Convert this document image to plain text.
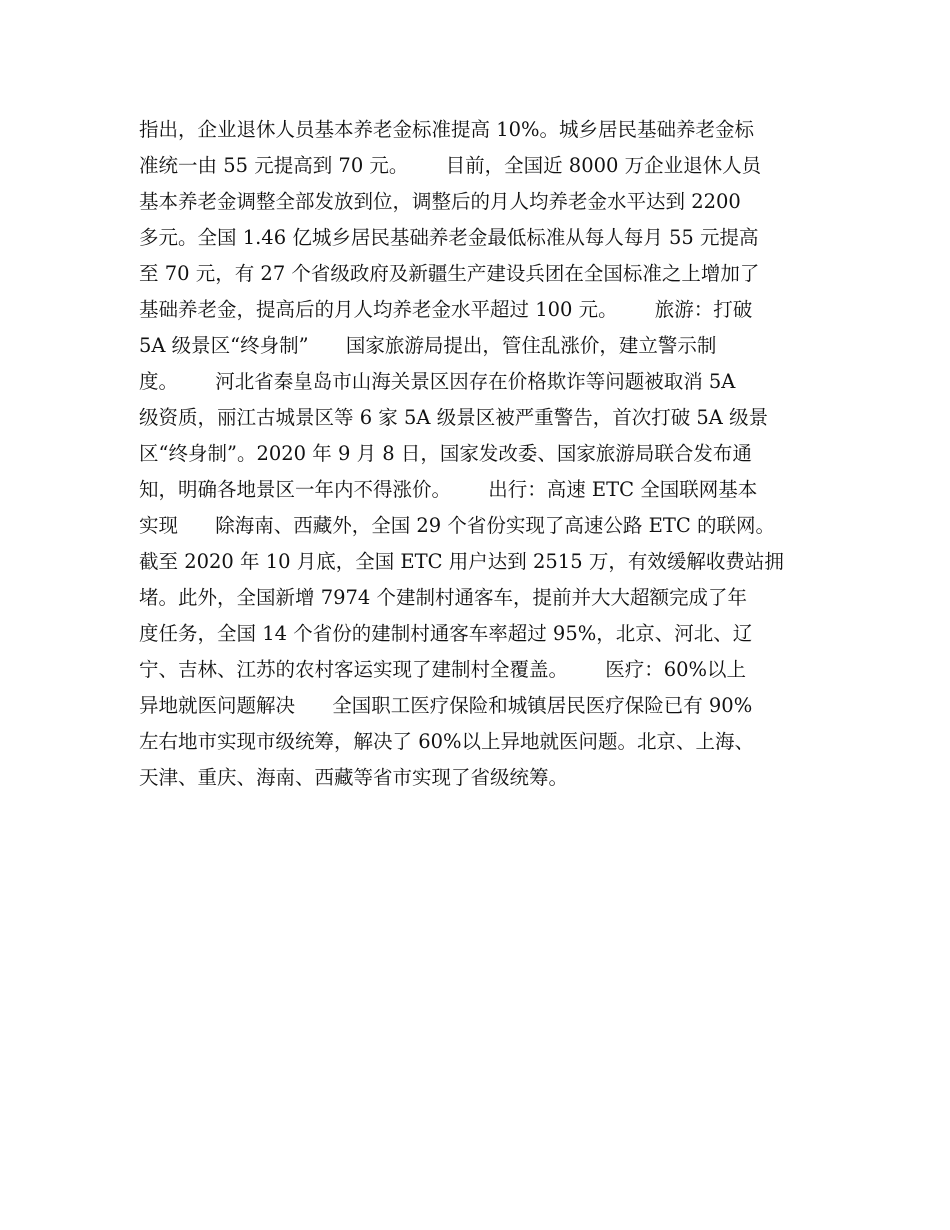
指出，企业退休人员基本养老金标准提高 10%。城乡居民基础养老金标
准统一由 55 元提高到 70 元。      目前，全国近 8000 万企业退休人员
基本养老金调整全部发放到位，调整后的月人均养老金水平达到 2200
多元。全国 1.46 亿城乡居民基础养老金最低标准从每人每月 55 元提高
至 70 元，有 27 个省级政府及新疆生产建设兵团在全国标准之上增加了
基础养老金，提高后的月人均养老金水平超过 100 元。      旅游：打破
5A 级景区“终身制”      国家旅游局提出，管住乱涨价，建立警示制
度。      河北省秦皇岛市山海关景区因存在价格欺诈等问题被取消 5A
级资质，丽江古城景区等 6 家 5A 级景区被严重警告，首次打破 5A 级景
区“终身制”。2020 年 9 月 8 日，国家发改委、国家旅游局联合发布通
知，明确各地景区一年内不得涨价。      出行：高速 ETC 全国联网基本
实现      除海南、西藏外，全国 29 个省份实现了高速公路 ETC 的联网。
截至 2020 年 10 月底，全国 ETC 用户达到 2515 万，有效缓解收费站拥
堵。此外，全国新增 7974 个建制村通客车，提前并大大超额完成了年
度任务，全国 14 个省份的建制村通客车率超过 95%，北京、河北、辽
宁、吉林、江苏的农村客运实现了建制村全覆盖。      医疗：60%以上
异地就医问题解决      全国职工医疗保险和城镇居民医疗保险已有 90%
左右地市实现市级统筹，解决了 60%以上异地就医问题。北京、上海、
天津、重庆、海南、西藏等省市实现了省级统筹。
